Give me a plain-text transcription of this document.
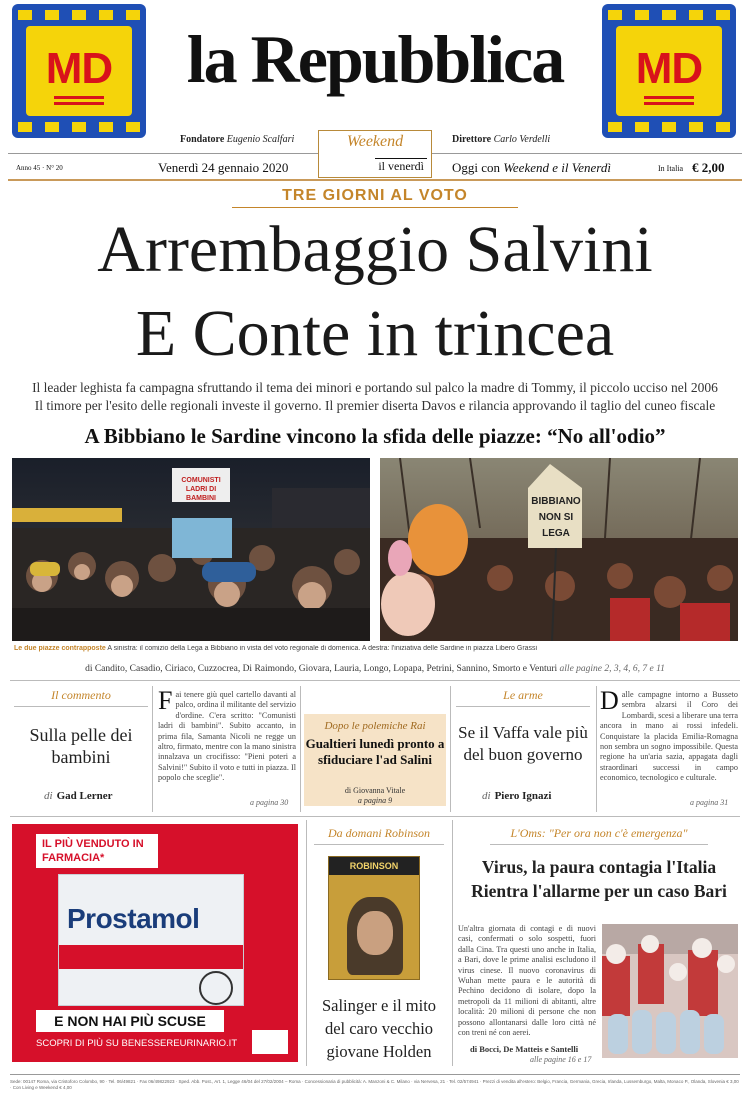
MD	MD
la Repubblica
Fondatore Eugenio Scalfari	Direttore Carlo Verdelli
Anno 45 · N° 20	Venerdì 24 gennaio 2020	Oggi con Weekend e il Venerdì	In Italia € 2,00
Weekend
il venerdì
TRE GIORNI AL VOTO
Arrembaggio Salvini
E Conte in trincea
Il leader leghista fa campagna sfruttando il tema dei minori e portando sul palco la madre di Tommy, il piccolo ucciso nel 2006
Il timore per l'esito delle regionali investe il governo. Il premier diserta Davos e rilancia approvando il taglio del cuneo fiscale
A Bibbiano le Sardine vincono la sfida delle piazze: “No all'odio”
COMUNISTI
LADRI DI
BAMBINI	BIBBIANO
NON SI
LEGA
Le due piazze contrapposte A sinistra: il comizio della Lega a Bibbiano in vista del voto regionale di domenica. A destra: l'iniziativa delle Sardine in piazza Libero Grassi
di Candito, Casadio, Ciriaco, Cuzzocrea, Di Raimondo, Giovara, Lauria, Longo, Lopapa, Petrini, Sannino, Smorto e Venturi alle pagine 2, 3, 4, 6, 7 e 11
Il commento
Sulla pelle dei bambini
di Gad Lerner
Fai tenere giù quel cartello davanti al palco, ordina il militante del servizio d'ordine. C'era scritto: "Comunisti ladri di bambini". Subito accanto, in prima fila, Samanta Nicoli ne regge un altro, firmato, mentre con la mano sinistra innalzava un crocifisso: "Pieni poteri a Salvini!" Subito il voto e tutti in piazza. Il popolo che sceglie".
a pagina 30
Dopo le polemiche Rai
Gualtieri lunedì pronto a sfiduciare l'ad Salini
di Giovanna Vitale
a pagina 9
Le arme
Se il Vaffa vale più del buon governo
di Piero Ignazi
Dalle campagne intorno a Busseto sembra alzarsi il Coro dei Lombardi, scesi a liberare una terra ancora in mano ai rossi infedeli. Conquistare la placida Emilia-Romagna non sembra un sogno impossibile. Questa regione ha un'aria sazia, appagata dagli straordinari successi in campo economico, tecnologico e culturale.
a pagina 31
IL PIÙ VENDUTO IN FARMACIA*
Prostamol
E NON HAI PIÙ SCUSE
SCOPRI DI PIÙ SU BENESSEREURINARIO.IT
Da domani Robinson
ROBINSON
Salinger e il mito del caro vecchio giovane Holden
L'Oms: "Per ora non c'è emergenza"
Virus, la paura contagia l'Italia
Rientra l'allarme per un caso Bari
Un'altra giornata di contagi e di nuovi casi, confermati o solo sospetti, fuori dalla Cina. Tra questi uno anche in Italia, a Bari, dove le prime analisi escludono il virus cinese. Il nuovo coronavirus di Wuhan mette paura e le autorità di Pechino decidono di isolare, dopo la metropoli da 11 milioni di abitanti, altre località: 20 milioni di persone che non possono allontanarsi dalle loro città né con treni né con aerei.
di Bocci, De Matteis e Santelli
alle pagine 16 e 17
Sede: 00147 Roma, via Cristoforo Colombo, 90 · Tel. 06/49821 · Fax 06/49822923 · Sped. Abb. Post., Art. 1, Legge 46/04 del 27/02/2004 – Roma · Concessionaria di pubblicità: A. Manzoni & C. Milano · via Nervesa, 21 · Tel. 02/574941 · Prezzi di vendita all'estero: Belgio, Francia, Germania, Grecia, Irlanda, Lussemburgo, Malta, Monaco P., Olanda, Slovenia € 3,00 · Con Living e Weekend € 4,00
